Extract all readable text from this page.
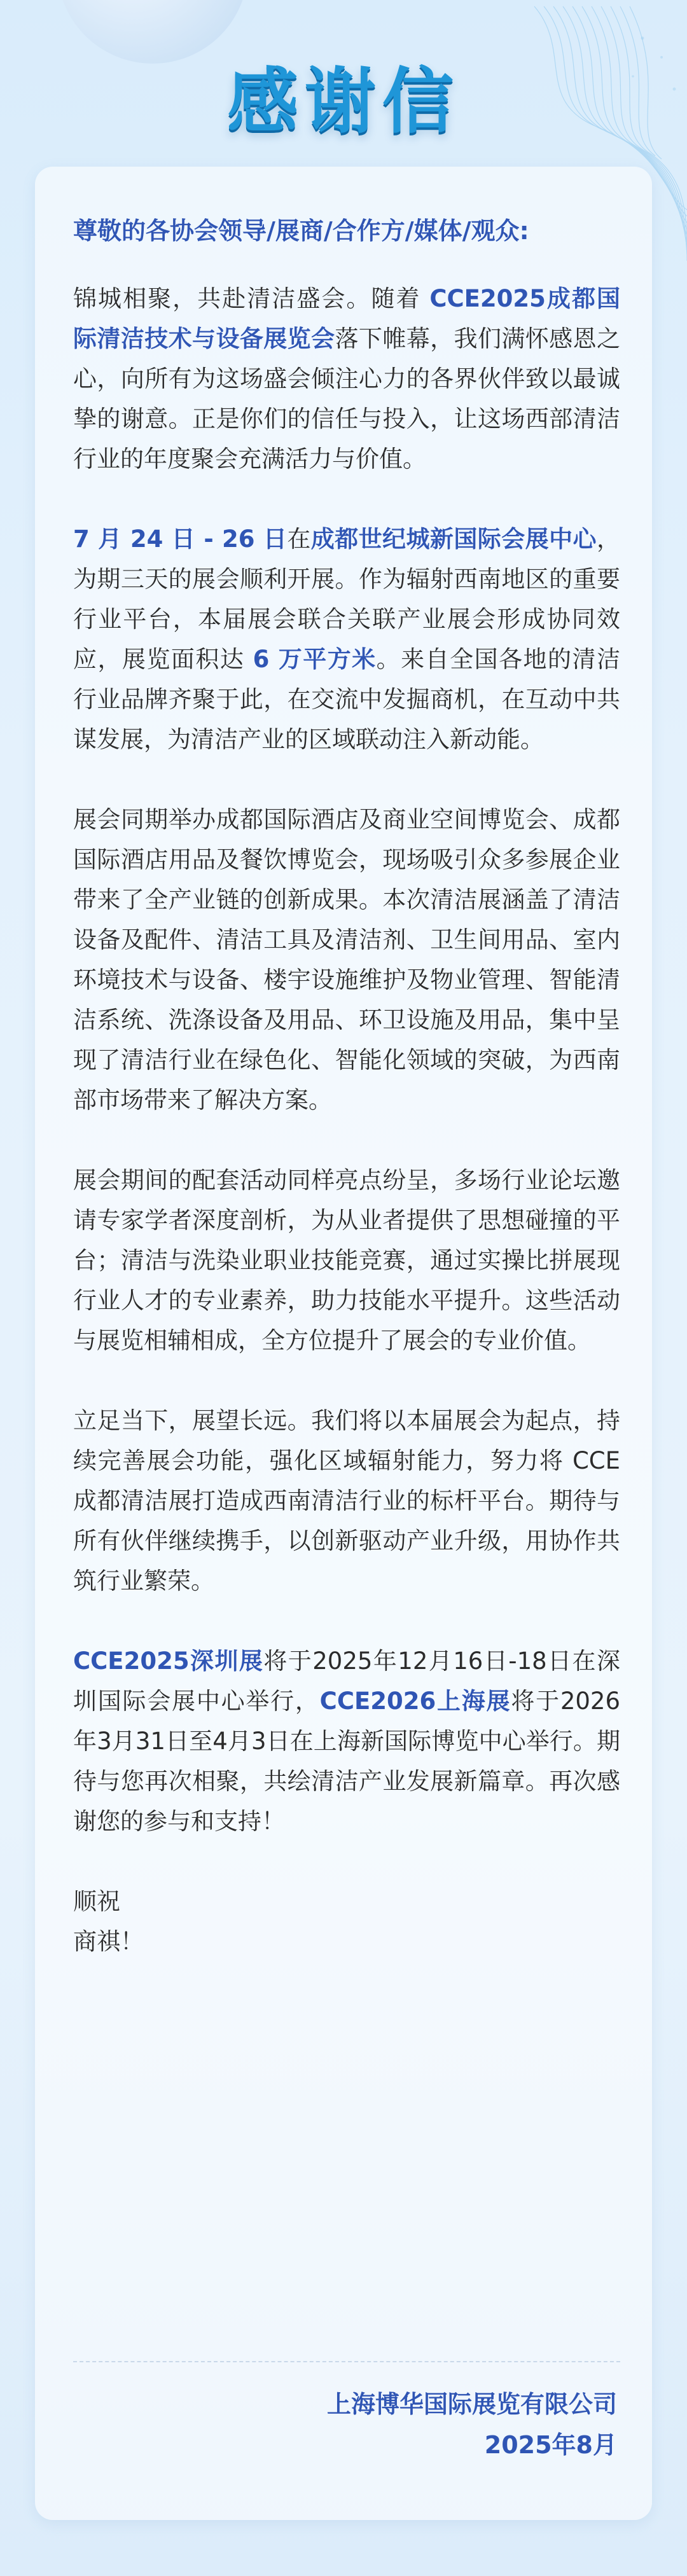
感谢信

尊敬的各协会领导/展商/合作方/媒体/观众:

锦城相聚，共赴清洁盛会。随着 CCE2025成都国际清洁技术与设备展览会落下帷幕，我们满怀感恩之心，向所有为这场盛会倾注心力的各界伙伴致以最诚挚的谢意。正是你们的信任与投入，让这场西部清洁行业的年度聚会充满活力与价值。

7 月 24 日 - 26 日在成都世纪城新国际会展中心，为期三天的展会顺利开展。作为辐射西南地区的重要行业平台，本届展会联合关联产业展会形成协同效应，展览面积达 6 万平方米。来自全国各地的清洁行业品牌齐聚于此，在交流中发掘商机，在互动中共谋发展，为清洁产业的区域联动注入新动能。

展会同期举办成都国际酒店及商业空间博览会、成都国际酒店用品及餐饮博览会，现场吸引众多参展企业带来了全产业链的创新成果。本次清洁展涵盖了清洁设备及配件、清洁工具及清洁剂、卫生间用品、室内环境技术与设备、楼宇设施维护及物业管理、智能清洁系统、洗涤设备及用品、环卫设施及用品，集中呈现了清洁行业在绿色化、智能化领域的突破，为西南部市场带来了解决方案。

展会期间的配套活动同样亮点纷呈，多场行业论坛邀请专家学者深度剖析，为从业者提供了思想碰撞的平台；清洁与洗染业职业技能竞赛，通过实操比拼展现行业人才的专业素养，助力技能水平提升。这些活动与展览相辅相成，全方位提升了展会的专业价值。

立足当下，展望长远。我们将以本届展会为起点，持续完善展会功能，强化区域辐射能力，努力将 CCE 成都清洁展打造成西南清洁行业的标杆平台。期待与所有伙伴继续携手，以创新驱动产业升级，用协作共筑行业繁荣。

CCE2025深圳展将于2025年12月16日-18日在深圳国际会展中心举行，CCE2026上海展将于2026年3月31日至4月3日在上海新国际博览中心举行。期待与您再次相聚，共绘清洁产业发展新篇章。再次感谢您的参与和支持！

顺祝

商祺！

上海博华国际展览有限公司
2025年8月
